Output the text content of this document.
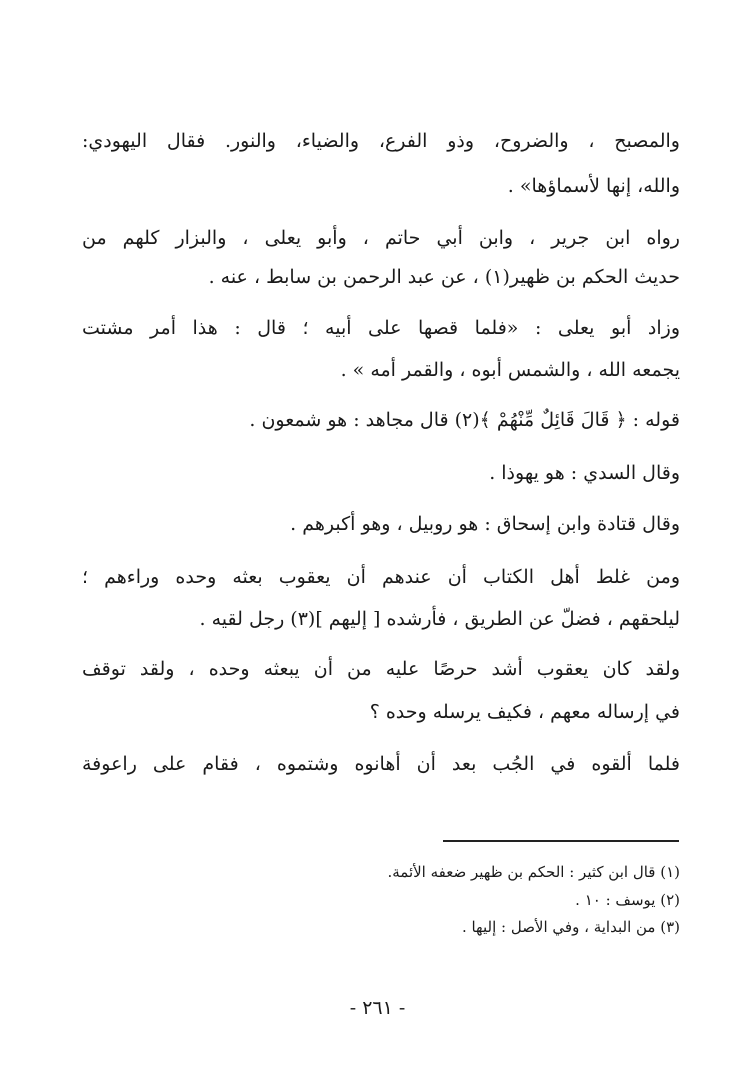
والمصبح ، والضروح، وذو الفرع، والضياء، والنور. فقال اليهودي:
والله، إنها لأسماؤها» .
رواه ابن جرير ، وابن أبي حاتم ، وأبو يعلى ، والبزار كلهم من
حديث الحكم بن ظهير(١) ، عن عبد الرحمن بن سابط ، عنه .
وزاد أبو يعلى : «فلما قصها على أبيه ؛ قال : هذا أمر مشتت
يجمعه الله ، والشمس أبوه ، والقمر أمه » .
قوله : ﴿ قَالَ قَائِلٌ مِّنْهُمْ ﴾(٢) قال مجاهد : هو شمعون .
وقال السدي : هو يهوذا .
وقال قتادة وابن إسحاق : هو روبيل ، وهو أكبرهم .
ومن غلط أهل الكتاب أن عندهم أن يعقوب بعثه وحده وراءهم ؛
ليلحقهم ، فضلّ عن الطريق ، فأرشده [ إليهم ](٣) رجل لقيه .
ولقد كان يعقوب أشد حرصًا عليه من أن يبعثه وحده ، ولقد توقف
في إرساله معهم ، فكيف يرسله وحده ؟
فلما ألقوه في الجُب بعد أن أهانوه وشتموه ، فقام على راعوفة
(١) قال ابن كثير : الحكم بن ظهير ضعفه الأئمة.
(٢) يوسف : ١٠ .
(٣) من البداية ، وفي الأصل : إليها .
- ٢٦١ -
